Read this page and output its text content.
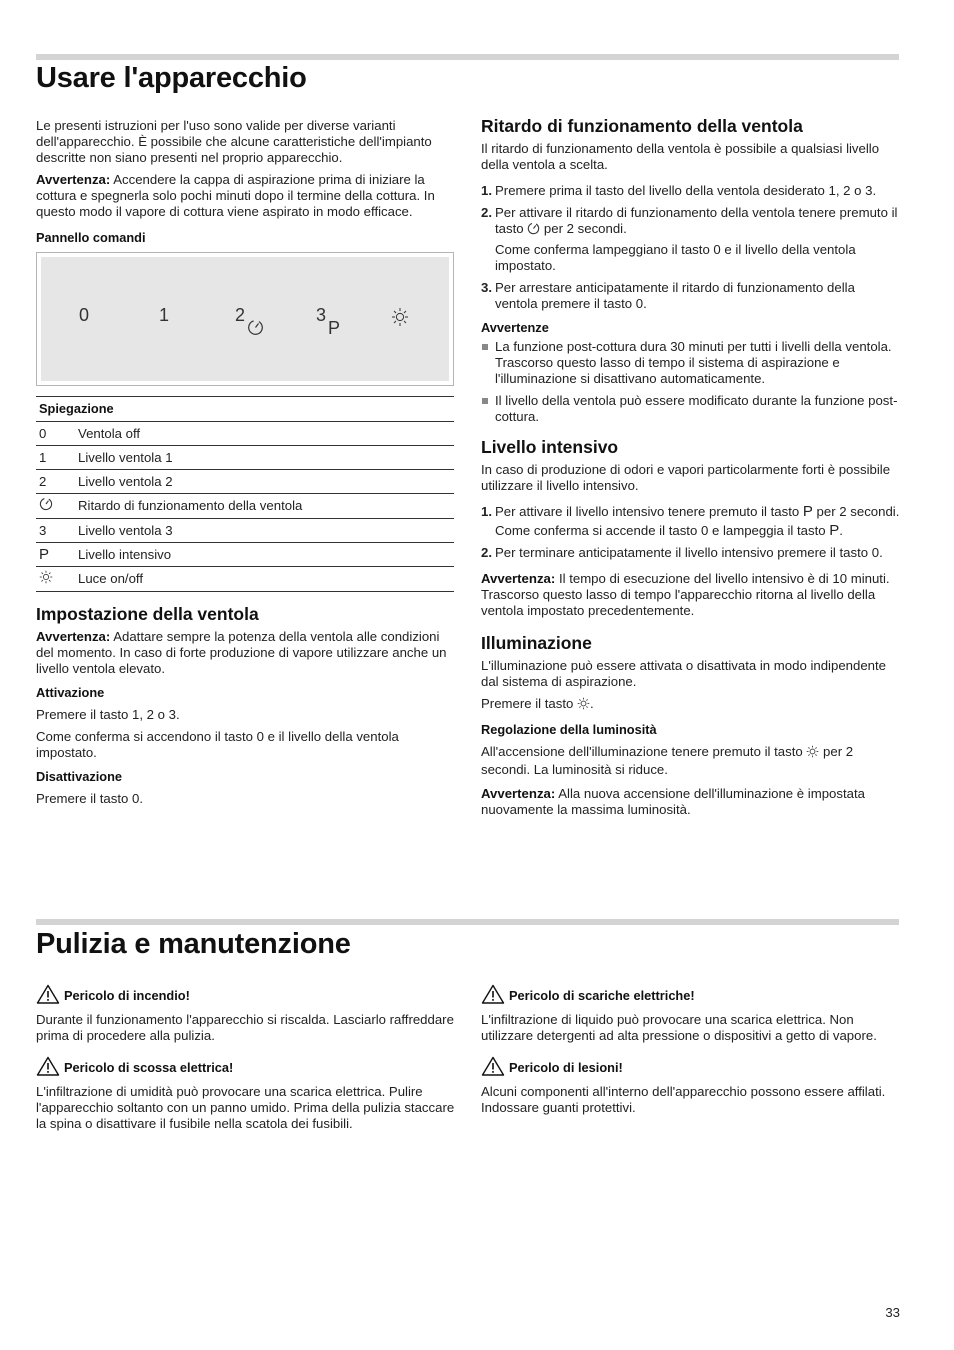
Usare l'apparecchio

Le presenti istruzioni per l'uso sono valide per diverse varianti dell'apparecchio. È possibile che alcune caratteristiche dell'impianto descritte non siano presenti nel proprio apparecchio.

Avvertenza: Accendere la cappa di aspirazione prima di iniziare la cottura e spegnerla solo pochi minuti dopo il termine della cottura. In questo modo il vapore di cottura viene aspirato in modo efficace.

Pannello comandi
0	1	2	3
P
Spiegazione	
0	Ventola off
1	Livello ventola 1
2	Livello ventola 2
	Ritardo di funzionamento della ventola
3	Livello ventola 3
P	Livello intensivo
	Luce on/off
Impostazione della ventola

Avvertenza: Adattare sempre la potenza della ventola alle condizioni del momento. In caso di forte produzione di vapore utilizzare anche un livello ventola elevato.

Attivazione

Premere il tasto 1, 2 o 3.

Come conferma si accendono il tasto 0 e il livello della ventola impostato.

Disattivazione

Premere il tasto 0.

Ritardo di funzionamento della ventola

Il ritardo di funzionamento della ventola è possibile a qualsiasi livello della ventola a scelta.

1. Premere prima il tasto del livello della ventola desiderato 1, 2 o 3.
2. Per attivare il ritardo di funzionamento della ventola tenere premuto il tasto  per 2 secondi.
Come conferma lampeggiano il tasto 0 e il livello della ventola impostato.
3. Per arrestare anticipatamente il ritardo di funzionamento della ventola premere il tasto 0.
Avvertenze
La funzione post-cottura dura 30 minuti per tutti i livelli della ventola. Trascorso questo lasso di tempo il sistema di aspirazione e l'illuminazione si disattivano automaticamente.
Il livello della ventola può essere modificato durante la funzione post-cottura.
Livello intensivo

In caso di produzione di odori e vapori particolarmente forti è possibile utilizzare il livello intensivo.

1. Per attivare il livello intensivo tenere premuto il tasto P per 2 secondi.
Come conferma si accende il tasto 0 e lampeggia il tasto P.
2. Per terminare anticipatamente il livello intensivo premere il tasto 0.

Avvertenza: Il tempo di esecuzione del livello intensivo è di 10 minuti. Trascorso questo lasso di tempo l'apparecchio ritorna al livello della ventola impostato precedentemente.

Illuminazione

L'illuminazione può essere attivata o disattivata in modo indipendente dal sistema di aspirazione.

Premere il tasto .

Regolazione della luminosità

All'accensione dell'illuminazione tenere premuto il tasto  per 2 secondi. La luminosità si riduce.

Avvertenza: Alla nuova accensione dell'illuminazione è impostata nuovamente la massima luminosità.

Pulizia e manutenzione
Pericolo di incendio!

Durante il funzionamento l'apparecchio si riscalda. Lasciarlo raffreddare prima di procedere alla pulizia.

Pericolo di scossa elettrica!

L'infiltrazione di umidità può provocare una scarica elettrica. Pulire l'apparecchio soltanto con un panno umido. Prima della pulizia staccare la spina o disattivare il fusibile nella scatola dei fusibili.

Pericolo di scariche elettriche!

L'infiltrazione di liquido può provocare una scarica elettrica. Non utilizzare detergenti ad alta pressione o dispositivi a getto di vapore.

Pericolo di lesioni!

Alcuni componenti all'interno dell'apparecchio possono essere affilati. Indossare guanti protettivi.

33
